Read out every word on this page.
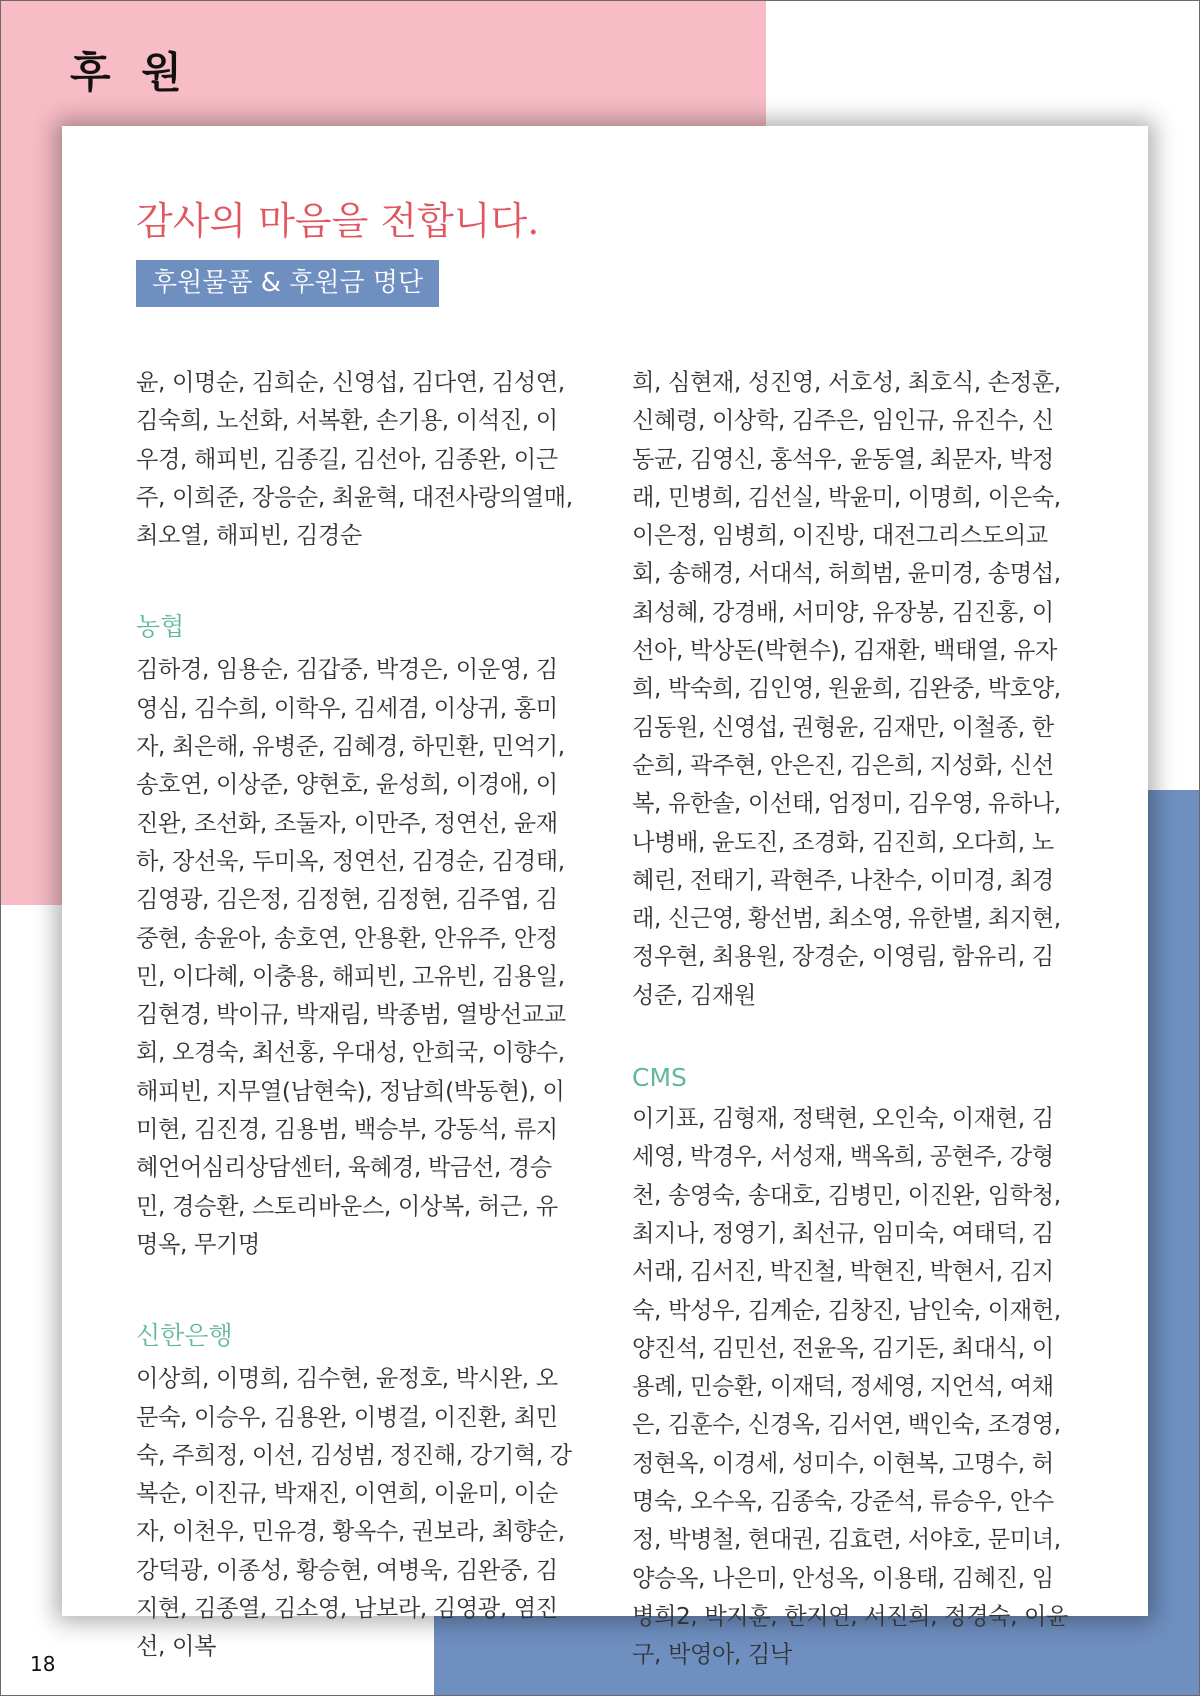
후 원
감사의 마음을 전합니다.
후원물품 & 후원금 명단

윤, 이명순, 김희순, 신영섭, 김다연, 김성연, 김숙희, 노선화, 서복환, 손기용, 이석진, 이우경, 해피빈, 김종길, 김선아, 김종완, 이근주, 이희준, 장응순, 최윤혁, 대전사랑의열매, 최오열, 해피빈, 김경순

농협

김하경, 임용순, 김갑중, 박경은, 이운영, 김영심, 김수희, 이학우, 김세겸, 이상귀, 홍미자, 최은해, 유병준, 김혜경, 하민환, 민억기, 송호연, 이상준, 양현호, 윤성희, 이경애, 이진완, 조선화, 조둘자, 이만주, 정연선, 윤재하, 장선욱, 두미옥, 정연선, 김경순, 김경태, 김영광, 김은정, 김정현, 김정현, 김주엽, 김중현, 송윤아, 송호연, 안용환, 안유주, 안정민, 이다혜, 이충용, 해피빈, 고유빈, 김용일, 김현경, 박이규, 박재림, 박종범, 열방선교교회, 오경숙, 최선홍, 우대성, 안희국, 이향수, 해피빈, 지무열(남현숙), 정남희(박동현), 이미현, 김진경, 김용범, 백승부, 강동석, 류지혜언어심리상담센터, 육혜경, 박금선, 경승민, 경승환, 스토리바운스, 이상복, 허근, 유명옥, 무기명

신한은행

이상희, 이명희, 김수현, 윤정호, 박시완, 오문숙, 이승우, 김용완, 이병걸, 이진환, 최민숙, 주희정, 이선, 김성범, 정진해, 강기혁, 강복순, 이진규, 박재진, 이연희, 이윤미, 이순자, 이천우, 민유경, 황옥수, 권보라, 최향순, 강덕광, 이종성, 황승현, 여병욱, 김완중, 김지현, 김종열, 김소영, 남보라, 김영광, 염진선, 이복

희, 심현재, 성진영, 서호성, 최호식, 손정훈, 신혜령, 이상학, 김주은, 임인규, 유진수, 신동균, 김영신, 홍석우, 윤동열, 최문자, 박정래, 민병희, 김선실, 박윤미, 이명희, 이은숙, 이은정, 임병희, 이진방, 대전그리스도의교회, 송해경, 서대석, 허희범, 윤미경, 송명섭, 최성혜, 강경배, 서미양, 유장봉, 김진홍, 이선아, 박상돈(박현수), 김재환, 백태열, 유자희, 박숙희, 김인영, 원윤희, 김완중, 박호양, 김동원, 신영섭, 권형윤, 김재만, 이철종, 한순희, 곽주현, 안은진, 김은희, 지성화, 신선복, 유한솔, 이선태, 엄정미, 김우영, 유하나, 나병배, 윤도진, 조경화, 김진희, 오다희, 노혜린, 전태기, 곽현주, 나찬수, 이미경, 최경래, 신근영, 황선범, 최소영, 유한별, 최지현, 정우현, 최용원, 장경순, 이영림, 함유리, 김성준, 김재원

CMS

이기표, 김형재, 정택현, 오인숙, 이재현, 김세영, 박경우, 서성재, 백옥희, 공현주, 강형천, 송영숙, 송대호, 김병민, 이진완, 임학청, 최지나, 정영기, 최선규, 임미숙, 여태덕, 김서래, 김서진, 박진철, 박현진, 박현서, 김지숙, 박성우, 김계순, 김창진, 남인숙, 이재헌, 양진석, 김민선, 전윤옥, 김기돈, 최대식, 이용례, 민승환, 이재덕, 정세영, 지언석, 여채은, 김훈수, 신경옥, 김서연, 백인숙, 조경영, 정현옥, 이경세, 성미수, 이현복, 고명수, 허명숙, 오수옥, 김종숙, 강준석, 류승우, 안수정, 박병철, 현대권, 김효련, 서야호, 문미녀, 양승옥, 나은미, 안성옥, 이용태, 김혜진, 임병희2, 박지훈, 한지연, 서진희, 정경숙, 이윤구, 박영아, 김낙

18
